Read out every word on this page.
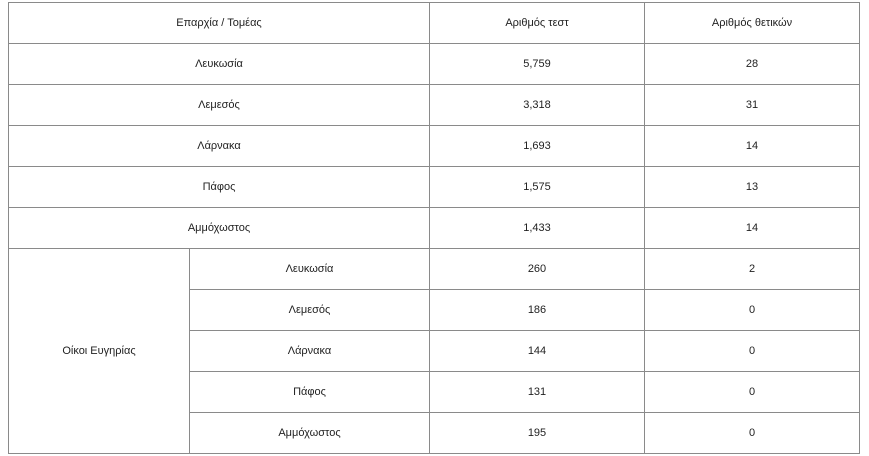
Επαρχία / Τομέας		Αριθμός τεστ	Αριθμός θετικών
Λευκωσία		5,759	28
Λεμεσός		3,318	31
Λάρνακα		1,693	14
Πάφος		1,575	13
Αμμόχωστος		1,433	14
Οίκοι Ευγηρίας	Λευκωσία	260	2
	Λεμεσός	186	0
	Λάρνακα	144	0
	Πάφος	131	0
	Αμμόχωστος	195	0
